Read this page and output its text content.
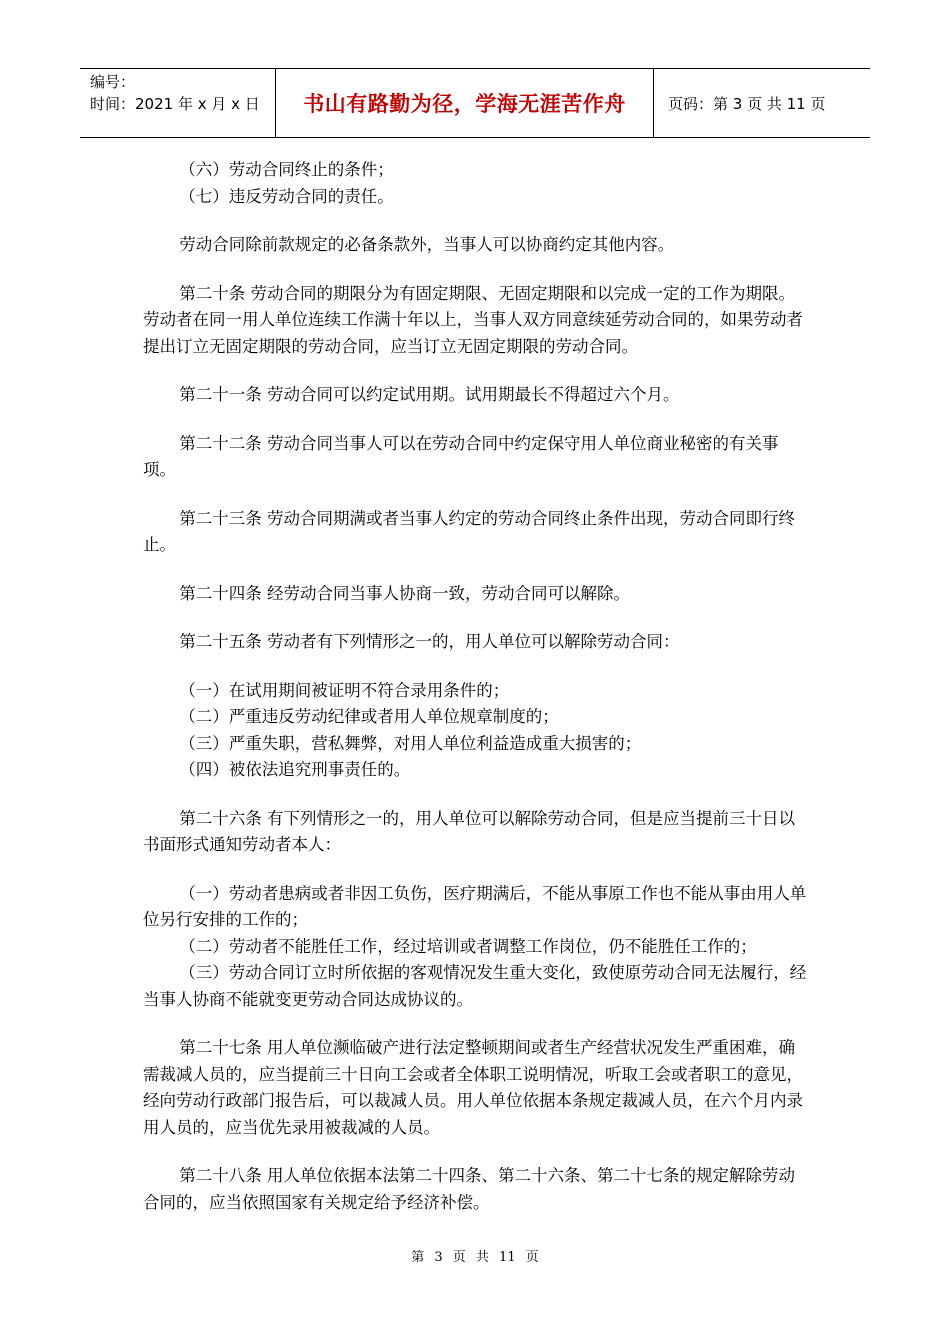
编号：
时间：2021 年 x 月 x 日	书山有路勤为径，学海无涯苦作舟	页码：第 3 页 共 11 页

（六）劳动合同终止的条件；

（七）违反劳动合同的责任。

劳动合同除前款规定的必备条款外，当事人可以协商约定其他内容。

第二十条 劳动合同的期限分为有固定期限、无固定期限和以完成一定的工作为期限。劳动者在同一用人单位连续工作满十年以上，当事人双方同意续延劳动合同的，如果劳动者提出订立无固定期限的劳动合同，应当订立无固定期限的劳动合同。

第二十一条 劳动合同可以约定试用期。试用期最长不得超过六个月。

第二十二条 劳动合同当事人可以在劳动合同中约定保守用人单位商业秘密的有关事项。

第二十三条 劳动合同期满或者当事人约定的劳动合同终止条件出现，劳动合同即行终止。

第二十四条 经劳动合同当事人协商一致，劳动合同可以解除。

第二十五条 劳动者有下列情形之一的，用人单位可以解除劳动合同：

（一）在试用期间被证明不符合录用条件的；

（二）严重违反劳动纪律或者用人单位规章制度的；

（三）严重失职，营私舞弊，对用人单位利益造成重大损害的；

（四）被依法追究刑事责任的。

第二十六条 有下列情形之一的，用人单位可以解除劳动合同，但是应当提前三十日以书面形式通知劳动者本人：

（一）劳动者患病或者非因工负伤，医疗期满后，不能从事原工作也不能从事由用人单位另行安排的工作的；

（二）劳动者不能胜任工作，经过培训或者调整工作岗位，仍不能胜任工作的；

（三）劳动合同订立时所依据的客观情况发生重大变化，致使原劳动合同无法履行，经当事人协商不能就变更劳动合同达成协议的。

第二十七条 用人单位濒临破产进行法定整顿期间或者生产经营状况发生严重困难，确需裁减人员的，应当提前三十日向工会或者全体职工说明情况，听取工会或者职工的意见，经向劳动行政部门报告后，可以裁减人员。用人单位依据本条规定裁减人员，在六个月内录用人员的，应当优先录用被裁减的人员。

第二十八条 用人单位依据本法第二十四条、第二十六条、第二十七条的规定解除劳动合同的，应当依照国家有关规定给予经济补偿。

第 3 页 共 11 页
